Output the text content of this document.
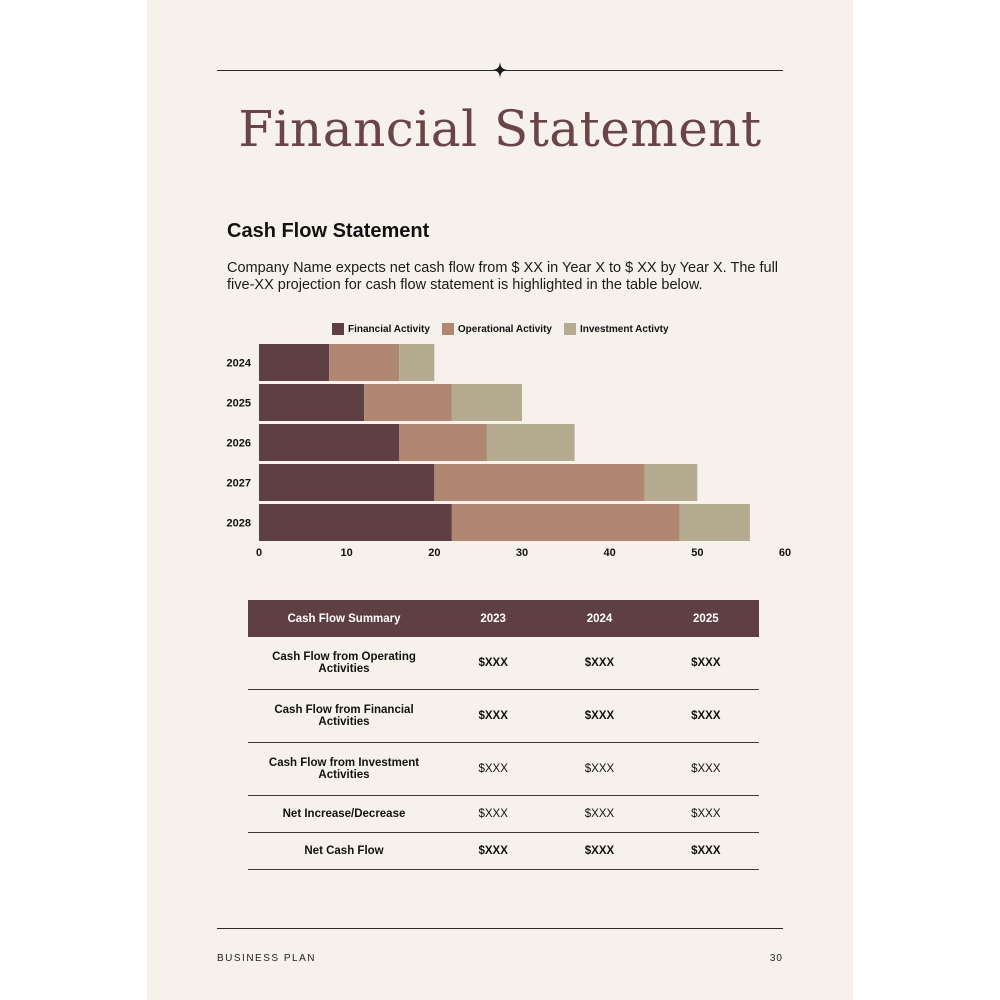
Financial Statement
Cash Flow Statement
Company Name expects net cash flow from $ XX in Year X to $ XX by Year X. The full five-XX projection for cash flow statement is highlighted in the table below.
Financial Activity	Operational Activity	Investment Activty
2024
2025
2026
2027
2028
0	10	20	30	40	50	60
Cash Flow Summary	2023	2024	2025
Cash Flow from Operating Activities	$XXX	$XXX	$XXX
Cash Flow from Financial Activities	$XXX	$XXX	$XXX
Cash Flow from Investment Activities	$XXX	$XXX	$XXX
Net Increase/Decrease	$XXX	$XXX	$XXX
Net Cash Flow	$XXX	$XXX	$XXX
BUSINESS PLAN	30
